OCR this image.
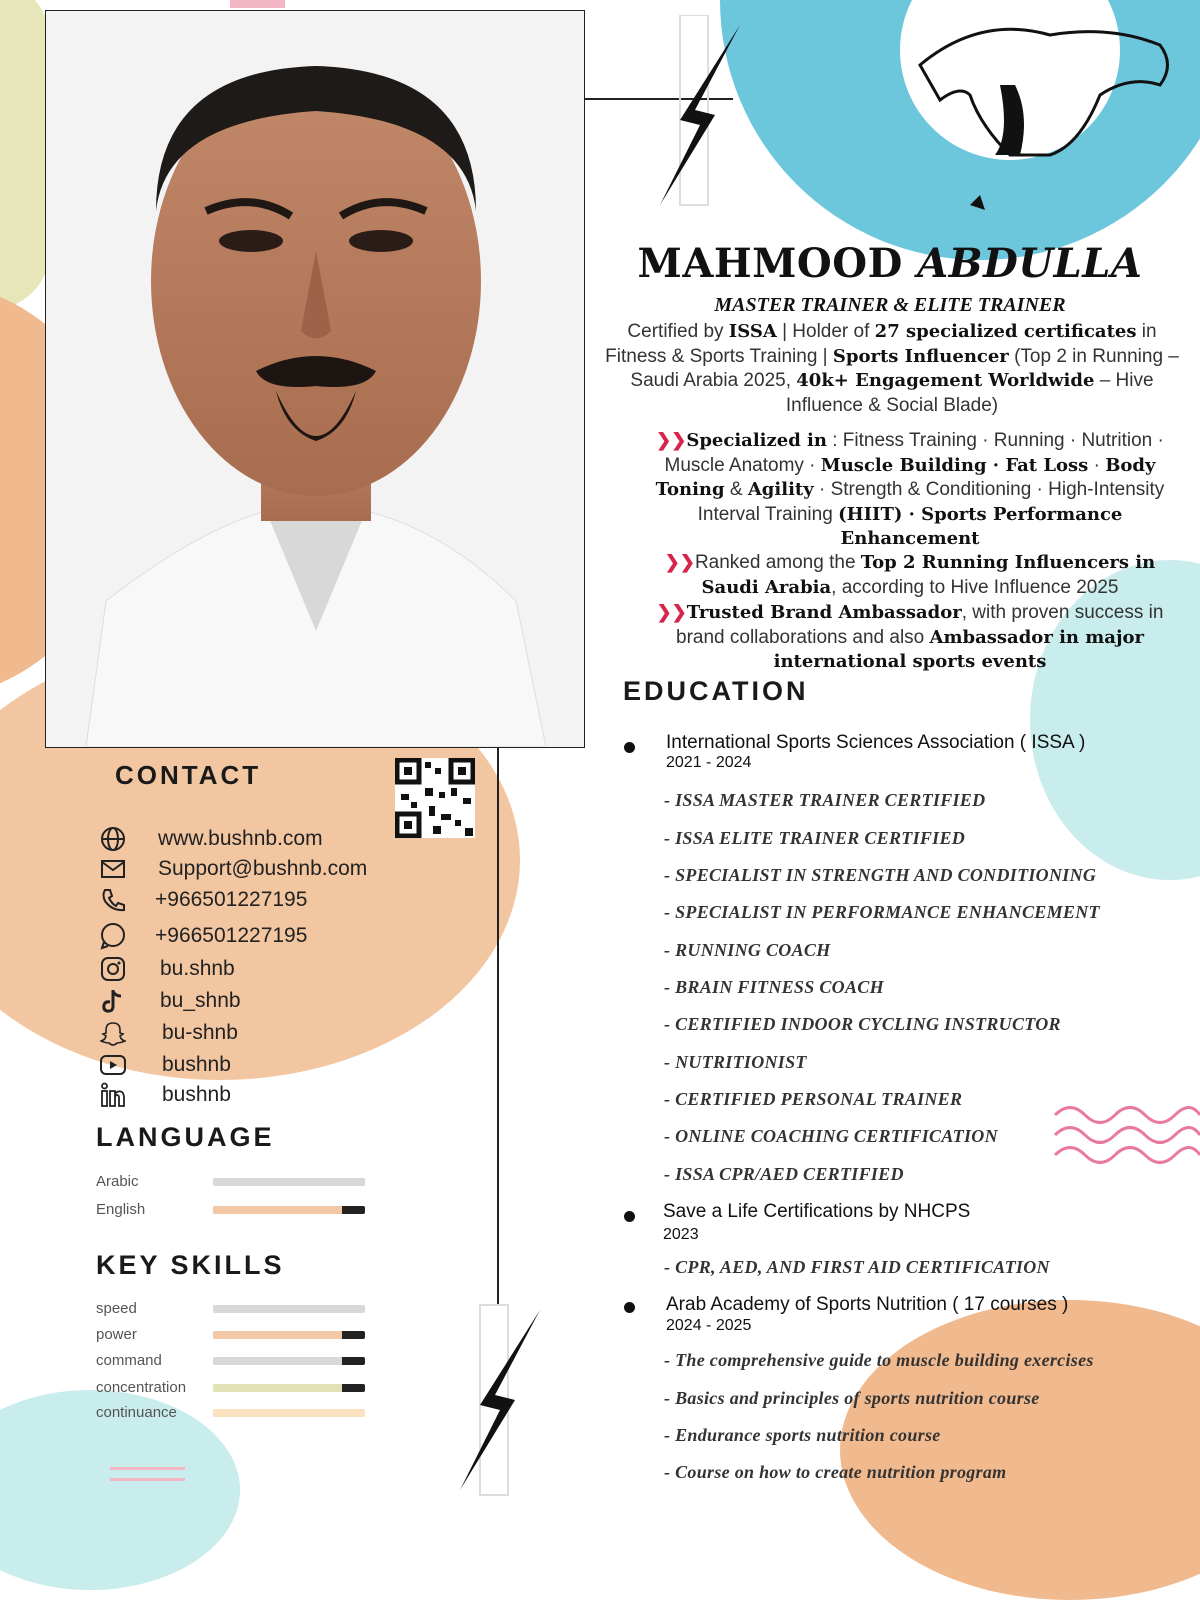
MAHMOOD ABDULLA
MASTER TRAINER & ELITE TRAINER
Certified by ISSA | Holder of 27 specialized certificates in Fitness & Sports Training | Sports Influencer (Top 2 in Running – Saudi Arabia 2025, 40k+ Engagement Worldwide – Hive Influence & Social Blade)
❯❯Specialized in : Fitness Training · Running · Nutrition · Muscle Anatomy · Muscle Building · Fat Loss · Body Toning & Agility · Strength & Conditioning · High-Intensity Interval Training (HIIT) · Sports Performance Enhancement
❯❯Ranked among the Top 2 Running Influencers in Saudi Arabia, according to Hive Influence 2025
❯❯Trusted Brand Ambassador, with proven success in brand collaborations and also Ambassador in major international sports events
EDUCATION
International Sports Sciences Association ( ISSA )
2021 - 2024
- ISSA MASTER TRAINER CERTIFIED
- ISSA ELITE TRAINER CERTIFIED
- SPECIALIST IN STRENGTH AND CONDITIONING
- SPECIALIST IN PERFORMANCE ENHANCEMENT
- RUNNING COACH
- BRAIN FITNESS COACH
- CERTIFIED INDOOR CYCLING INSTRUCTOR
- NUTRITIONIST
- CERTIFIED PERSONAL TRAINER
- ONLINE COACHING CERTIFICATION
- ISSA CPR/AED CERTIFIED
Save a Life Certifications by NHCPS
2023
- CPR, AED, AND FIRST AID CERTIFICATION
Arab Academy of Sports Nutrition ( 17 courses )
2024 - 2025
- The comprehensive guide to muscle building exercises
- Basics and principles of sports nutrition course
- Endurance sports nutrition course
- Course on how to create nutrition program
CONTACT
www.bushnb.com
Support@bushnb.com
+966501227195
+966501227195
bu.shnb
bu_shnb
bu-shnb
bushnb
bushnb
LANGUAGE
Arabic
English
KEY SKILLS
speed
power
command
concentration
continuance
